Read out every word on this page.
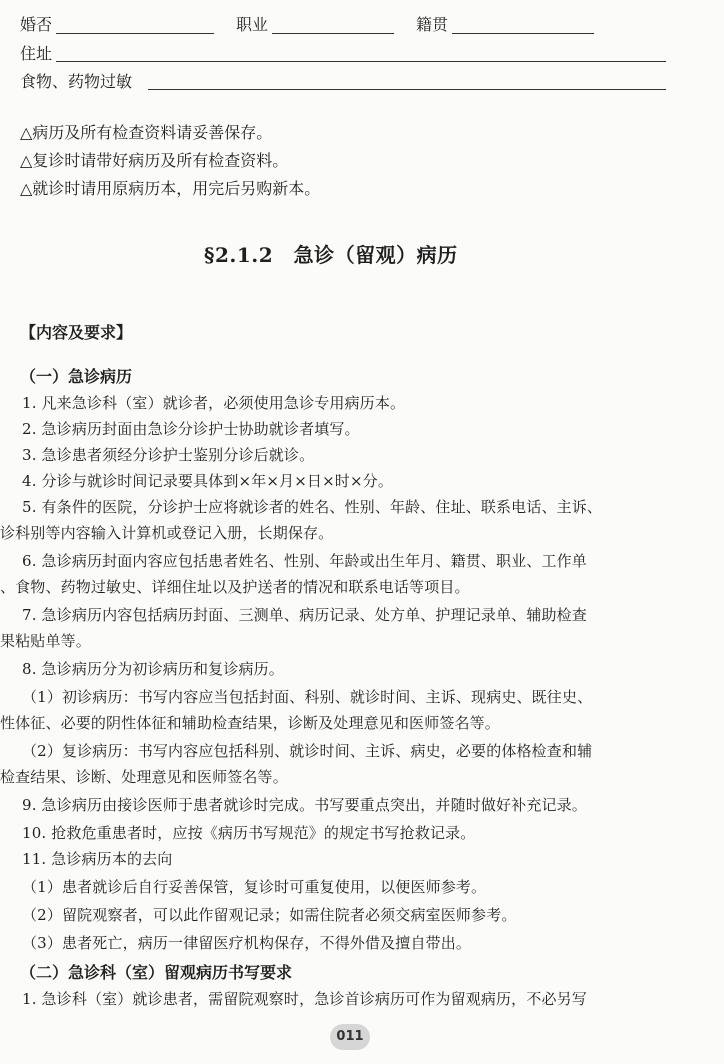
婚否	职业	籍贯
住址
食物、药物过敏
△病历及所有检查资料请妥善保存。
△复诊时请带好病历及所有检查资料。
△就诊时请用原病历本，用完后另购新本。
§2.1.2　急诊（留观）病历
【内容及要求】
（一）急诊病历
1. 凡来急诊科（室）就诊者，必须使用急诊专用病历本。
2. 急诊病历封面由急诊分诊护士协助就诊者填写。
3. 急诊患者须经分诊护士鉴别分诊后就诊。
4. 分诊与就诊时间记录要具体到×年×月×日×时×分。
5. 有条件的医院，分诊护士应将就诊者的姓名、性别、年龄、住址、联系电话、主诉、
诊科别等内容输入计算机或登记入册，长期保存。
6. 急诊病历封面内容应包括患者姓名、性别、年龄或出生年月、籍贯、职业、工作单
、食物、药物过敏史、详细住址以及护送者的情况和联系电话等项目。
7. 急诊病历内容包括病历封面、三测单、病历记录、处方单、护理记录单、辅助检查
果粘贴单等。
8. 急诊病历分为初诊病历和复诊病历。
（1）初诊病历：书写内容应当包括封面、科别、就诊时间、主诉、现病史、既往史、
性体征、必要的阴性体征和辅助检查结果，诊断及处理意见和医师签名等。
（2）复诊病历：书写内容应包括科别、就诊时间、主诉、病史，必要的体格检查和辅
检查结果、诊断、处理意见和医师签名等。
9. 急诊病历由接诊医师于患者就诊时完成。书写要重点突出，并随时做好补充记录。
10. 抢救危重患者时，应按《病历书写规范》的规定书写抢救记录。
11. 急诊病历本的去向
（1）患者就诊后自行妥善保管，复诊时可重复使用，以便医师参考。
（2）留院观察者，可以此作留观记录；如需住院者必须交病室医师参考。
（3）患者死亡，病历一律留医疗机构保存，不得外借及擅自带出。
（二）急诊科（室）留观病历书写要求
1. 急诊科（室）就诊患者，需留院观察时，急诊首诊病历可作为留观病历，不必另写
011
